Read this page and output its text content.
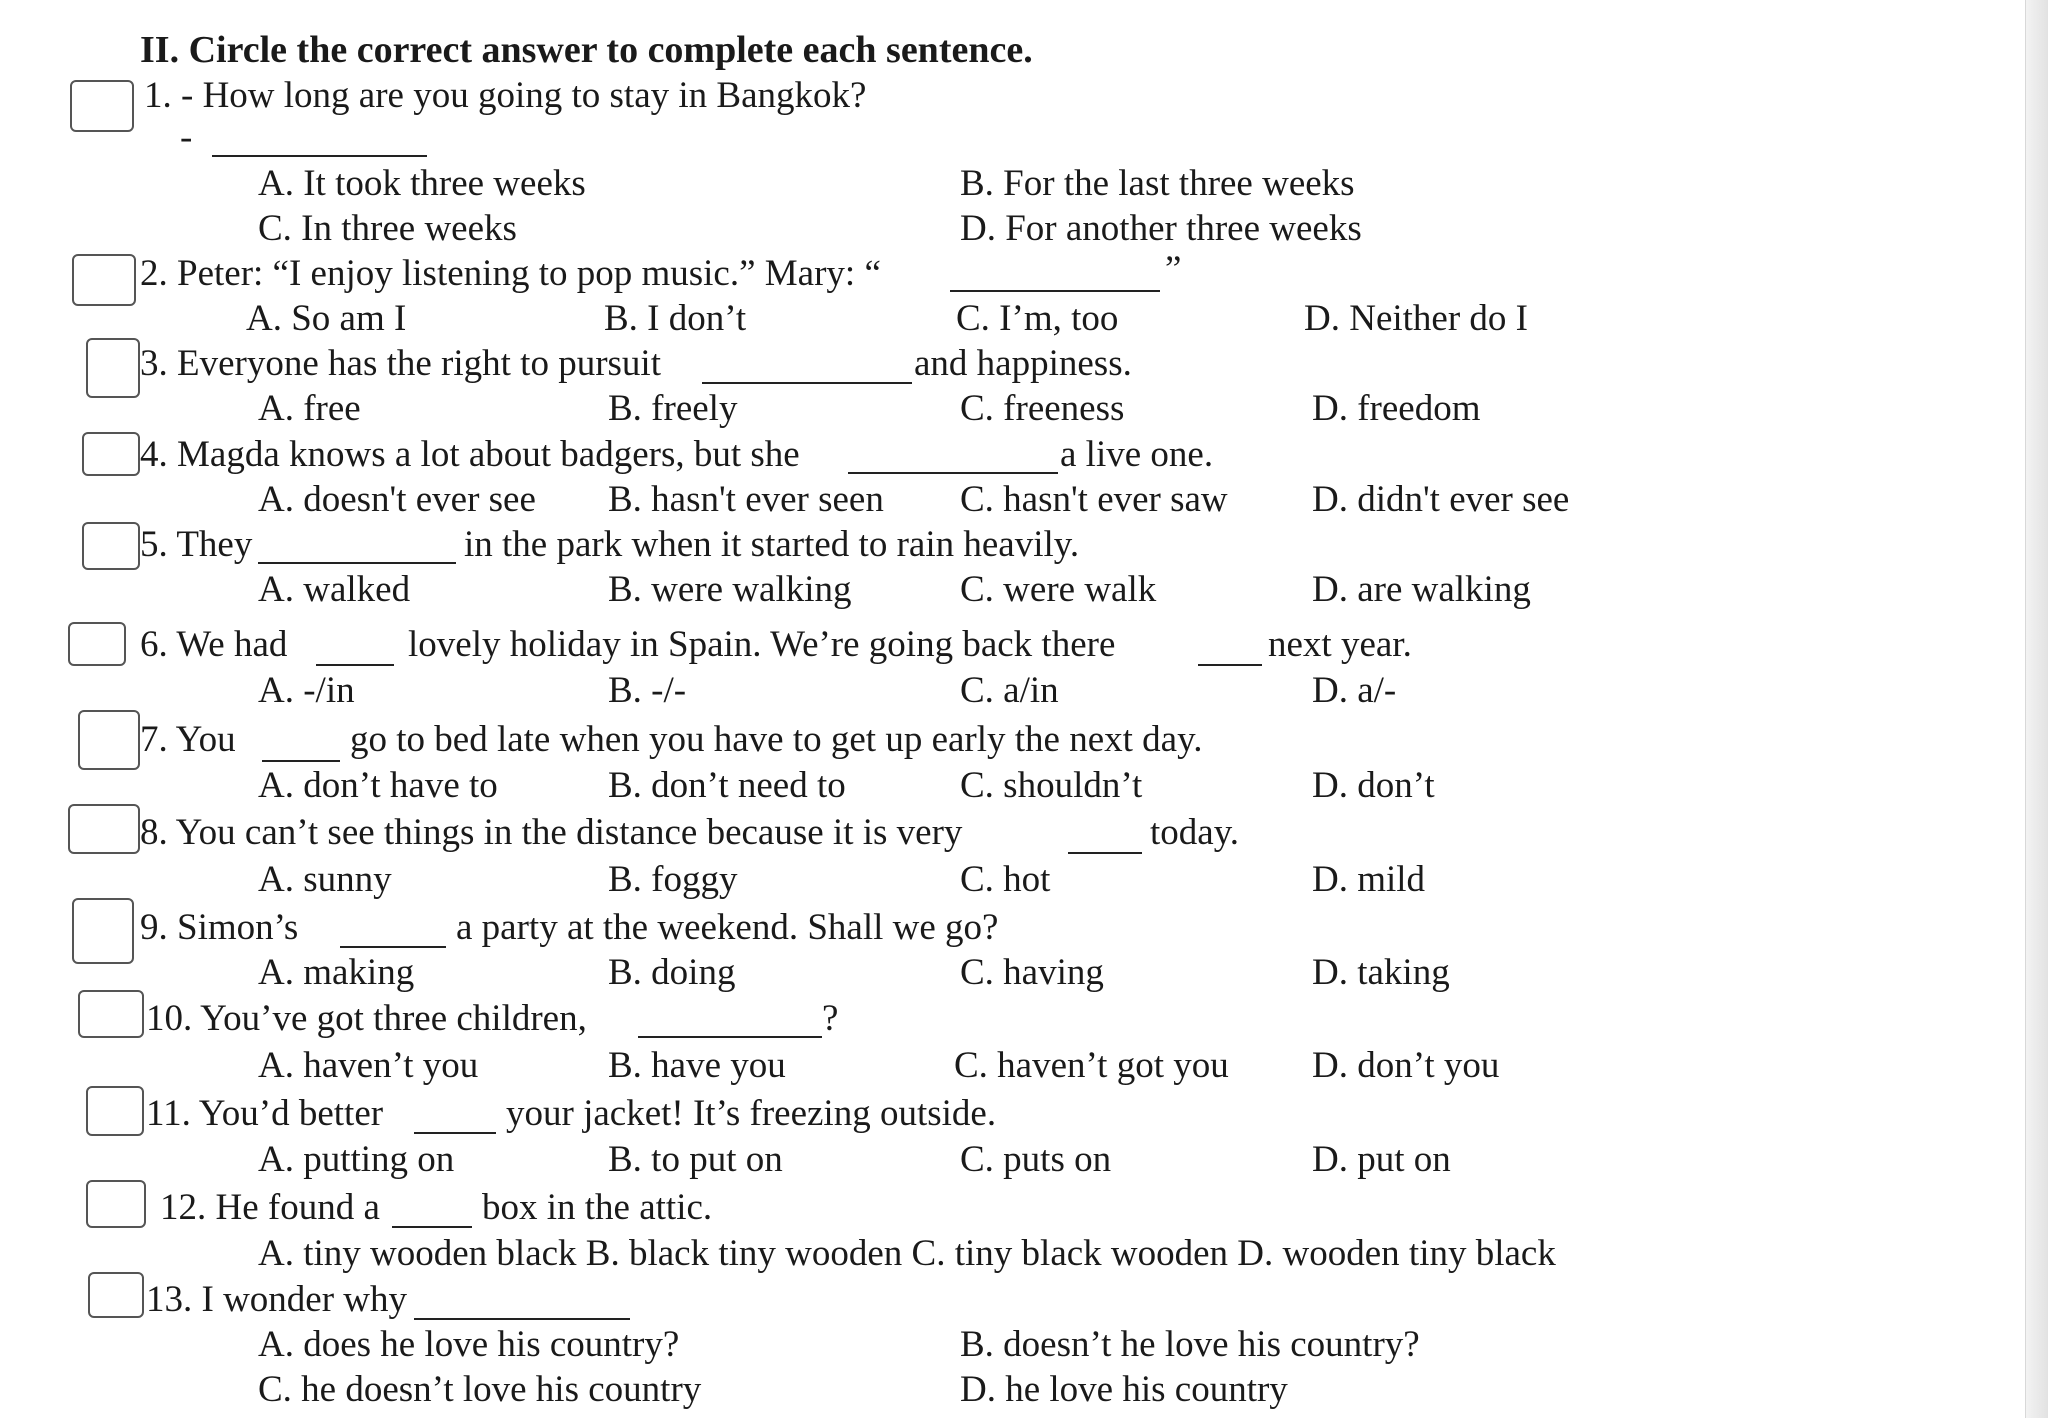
II. Circle the correct answer to complete each sentence.
1. - How long are you going to stay in Bangkok?
-
A. It took three weeks	B. For the last three weeks
C. In three weeks	D. For another three weeks
2. Peter: “I enjoy listening to pop music.” Mary: “	”
A. So am I	B. I don’t	C. I’m, too	D. Neither do I
3. Everyone has the right to pursuit	and happiness.
A. free	B. freely	C. freeness	D. freedom
4. Magda knows a lot about badgers, but she	a live one.
A. doesn't ever see B. hasn't ever seen C. hasn't ever saw D. didn't ever see
5. They	in the park when it started to rain heavily.
A. walked	B. were walking	C. were walk	D. are walking
6. We had	lovely holiday in Spain. We’re going back there	next year.
A. -/in	B. -/-	C. a/in	D. a/-
7. You	go to bed late when you have to get up early the next day.
A. don’t have to	B. don’t need to	C. shouldn’t	D. don’t
8. You can’t see things in the distance because it is very	today.
A. sunny	B. foggy	C. hot	D. mild
9. Simon’s	a party at the weekend. Shall we go?
A. making	B. doing	C. having	D. taking
10. You’ve got three children,	?
A. haven’t you	B. have you	C. haven’t got you D. don’t you
11. You’d better	your jacket! It’s freezing outside.
A. putting on	B. to put on	C. puts on	D. put on
12. He found a	box in the attic.
A. tiny wooden black B. black tiny wooden C. tiny black wooden D. wooden tiny black
13. I wonder why
A. does he love his country?	B. doesn’t he love his country?
C. he doesn’t love his country	D. he love his country
